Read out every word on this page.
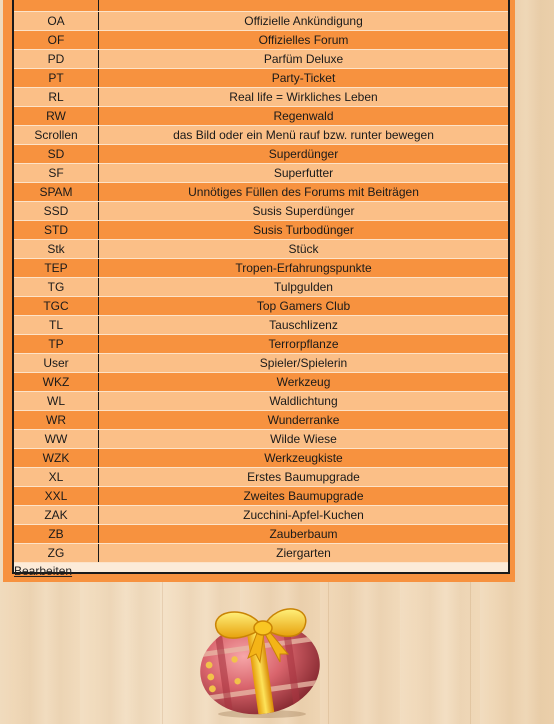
OA	Offizielle Ankündigung
OF	Offizielles Forum
PD	Parfüm Deluxe
PT	Party-Ticket
RL	Real life = Wirkliches Leben
RW	Regenwald
Scrollen	das Bild oder ein Menü rauf bzw. runter bewegen
SD	Superdünger
SF	Superfutter
SPAM	Unnötiges Füllen des Forums mit Beiträgen
SSD	Susis Superdünger
STD	Susis Turbodünger
Stk	Stück
TEP	Tropen-Erfahrungspunkte
TG	Tulpgulden
TGC	Top Gamers Club
TL	Tauschlizenz
TP	Terrorpflanze
User	Spieler/Spielerin
WKZ	Werkzeug
WL	Waldlichtung
WR	Wunderranke
WW	Wilde Wiese
WZK	Werkzeugkiste
XL	Erstes Baumupgrade
XXL	Zweites Baumupgrade
ZAK	Zucchini-Apfel-Kuchen
ZB	Zauberbaum
ZG	Ziergarten
Bearbeiten
